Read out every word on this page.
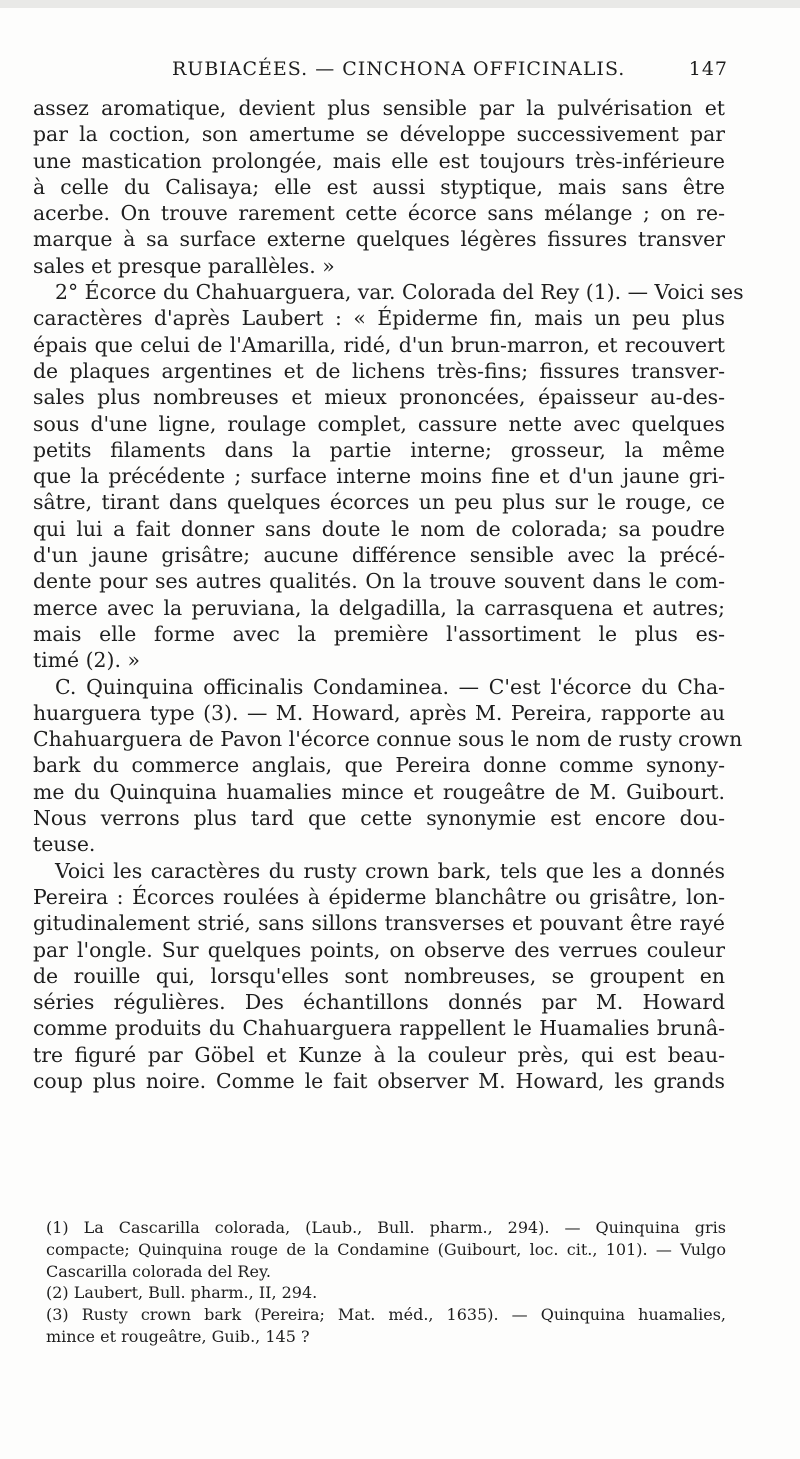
RUBIACÉES. — CINCHONA OFFICINALIS.	147
assez aromatique, devient plus sensible par la pulvérisation et
par la coction, son amertume se développe successivement par
une mastication prolongée, mais elle est toujours très-inférieure
à celle du Calisaya; elle est aussi styptique, mais sans être
acerbe. On trouve rarement cette écorce sans mélange ; on re-
marque à sa surface externe quelques légères fissures transver
sales et presque parallèles. »
2° Écorce du Chahuarguera, var. Colorada del Rey (1). — Voici ses
caractères d'après Laubert : « Épiderme fin, mais un peu plus
épais que celui de l'Amarilla, ridé, d'un brun-marron, et recouvert
de plaques argentines et de lichens très-fins; fissures transver-
sales plus nombreuses et mieux prononcées, épaisseur au-des-
sous d'une ligne, roulage complet, cassure nette avec quelques
petits filaments dans la partie interne; grosseur, la même
que la précédente ; surface interne moins fine et d'un jaune gri-
sâtre, tirant dans quelques écorces un peu plus sur le rouge, ce
qui lui a fait donner sans doute le nom de colorada; sa poudre
d'un jaune grisâtre; aucune différence sensible avec la précé-
dente pour ses autres qualités. On la trouve souvent dans le com-
merce avec la peruviana, la delgadilla, la carrasquena et autres;
mais elle forme avec la première l'assortiment le plus es-
timé (2). »
C. Quinquina officinalis Condaminea. — C'est l'écorce du Cha-
huarguera type (3). — M. Howard, après M. Pereira, rapporte au
Chahuarguera de Pavon l'écorce connue sous le nom de rusty crown
bark du commerce anglais, que Pereira donne comme synony-
me du Quinquina huamalies mince et rougeâtre de M. Guibourt.
Nous verrons plus tard que cette synonymie est encore dou-
teuse.
Voici les caractères du rusty crown bark, tels que les a donnés
Pereira : Écorces roulées à épiderme blanchâtre ou grisâtre, lon-
gitudinalement strié, sans sillons transverses et pouvant être rayé
par l'ongle. Sur quelques points, on observe des verrues couleur
de rouille qui, lorsqu'elles sont nombreuses, se groupent en
séries régulières. Des échantillons donnés par M. Howard
comme produits du Chahuarguera rappellent le Huamalies brunâ-
tre figuré par Göbel et Kunze à la couleur près, qui est beau-
coup plus noire. Comme le fait observer M. Howard, les grands
(1) La Cascarilla colorada, (Laub., Bull. pharm., 294). — Quinquina gris
compacte; Quinquina rouge de la Condamine (Guibourt, loc. cit., 101). — Vulgo
Cascarilla colorada del Rey.
(2) Laubert, Bull. pharm., II, 294.
(3) Rusty crown bark (Pereira; Mat. méd., 1635). — Quinquina huamalies,
mince et rougeâtre, Guib., 145 ?
